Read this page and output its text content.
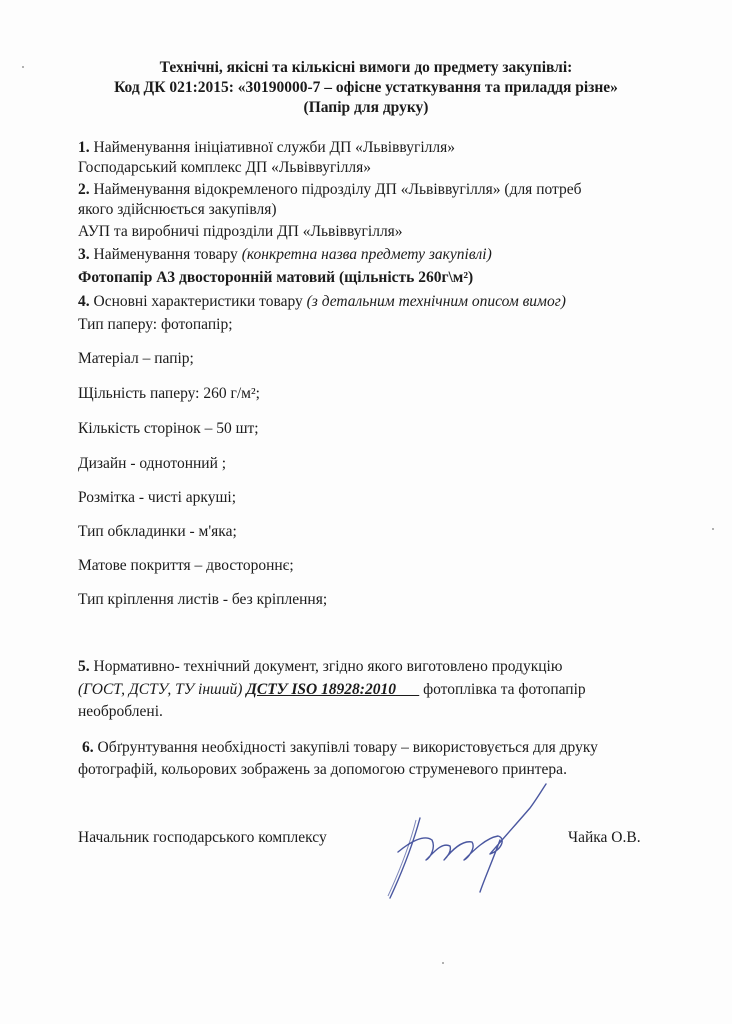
Технічні, якісні та кількісні вимоги до предмету закупівлі:
Код ДК 021:2015: «30190000-7 – офісне устаткування та приладдя різне»
(Папір для друку)
1. Найменування ініціативної служби ДП «Львіввугілля»
Господарський комплекс ДП «Львіввугілля»
2. Найменування відокремленого підрозділу ДП «Львіввугілля» (для потреб
якого здійснюється закупівля)
АУП та виробничі підрозділи ДП «Львіввугілля»
3. Найменування товару (конкретна назва предмету закупівлі)
Фотопапір А3 двосторонній матовий (щільність 260г\м²)
4. Основні характеристики товару (з детальним технічним описом вимог)
Тип паперу: фотопапір;
Матеріал – папір;
Щільність паперу: 260 г/м²;
Кількість сторінок – 50 шт;
Дизайн - однотонний ;
Розмітка - чисті аркуші;
Тип обкладинки - м'яка;
Матове покриття – двостороннє;
Тип кріплення листів - без кріплення;
5. Нормативно- технічний документ, згідно якого виготовлено продукцію
(ГОСТ, ДСТУ, ТУ інший) ДСТУ ISO 18928:2010 фотоплівка та фотопапір
необроблені.
6. Обґрунтування необхідності закупівлі товару – використовується для друку
фотографій, кольорових зображень за допомогою струменевого принтера.
Начальник господарського комплексу	Чайка О.В.
